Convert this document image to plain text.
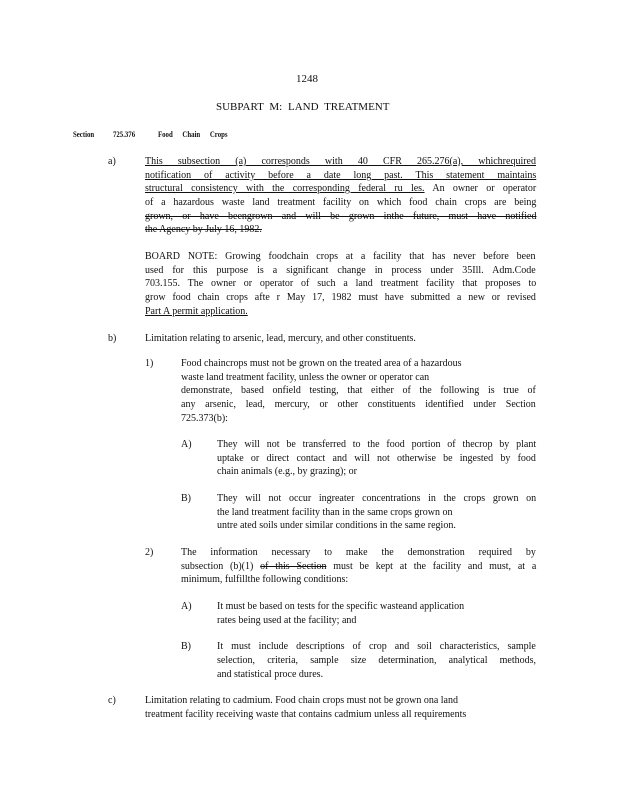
1248
SUBPART M: LAND TREATMENT
Section 725.376	Food Chain Crops
a)	This subsection (a) corresponds with 40 CFR 265.276(a), whichrequired
notification of activity before a date long past. This statement maintains
structural consistency with the corresponding federal ru les. An owner or operator
of a hazardous waste land treatment facility on which food chain crops are being
grown, or have beengrown and will be grown inthe future, must have notified
the Agency by July 16, 1982.
BOARD NOTE: Growing foodchain crops at a facility that has never before been
used for this purpose is a significant change in process under 35Ill. Adm.Code
703.155. The owner or operator of such a land treatment facility that proposes to
grow food chain crops afte r May 17, 1982 must have submitted a new or revised
Part A permit application.
b)	Limitation relating to arsenic, lead, mercury, and other constituents.
1)	Food chaincrops must not be grown on the treated area of a hazardous
waste land treatment facility, unless the owner or operator can
demonstrate, based onfield testing, that either of the following is true of
any arsenic, lead, mercury, or other constituents identified under Section
725.373(b):
A)	They will not be transferred to the food portion of thecrop by plant
uptake or direct contact and will not otherwise be ingested by food
chain animals (e.g., by grazing); or
B)	They will not occur ingreater concentrations in the crops grown on
the land treatment facility than in the same crops grown on
untre ated soils under similar conditions in the same region.
2)	The information necessary to make the demonstration required by
subsection (b)(1) of this Section must be kept at the facility and must, at a
minimum, fulfillthe following conditions:
A)	It must be based on tests for the specific wasteand application
rates being used at the facility; and
B)	It must include descriptions of crop and soil characteristics, sample
selection, criteria, sample size determination, analytical methods,
and statistical proce dures.
c)	Limitation relating to cadmium. Food chain crops must not be grown ona land
treatment facility receiving waste that contains cadmium unless all requirements
